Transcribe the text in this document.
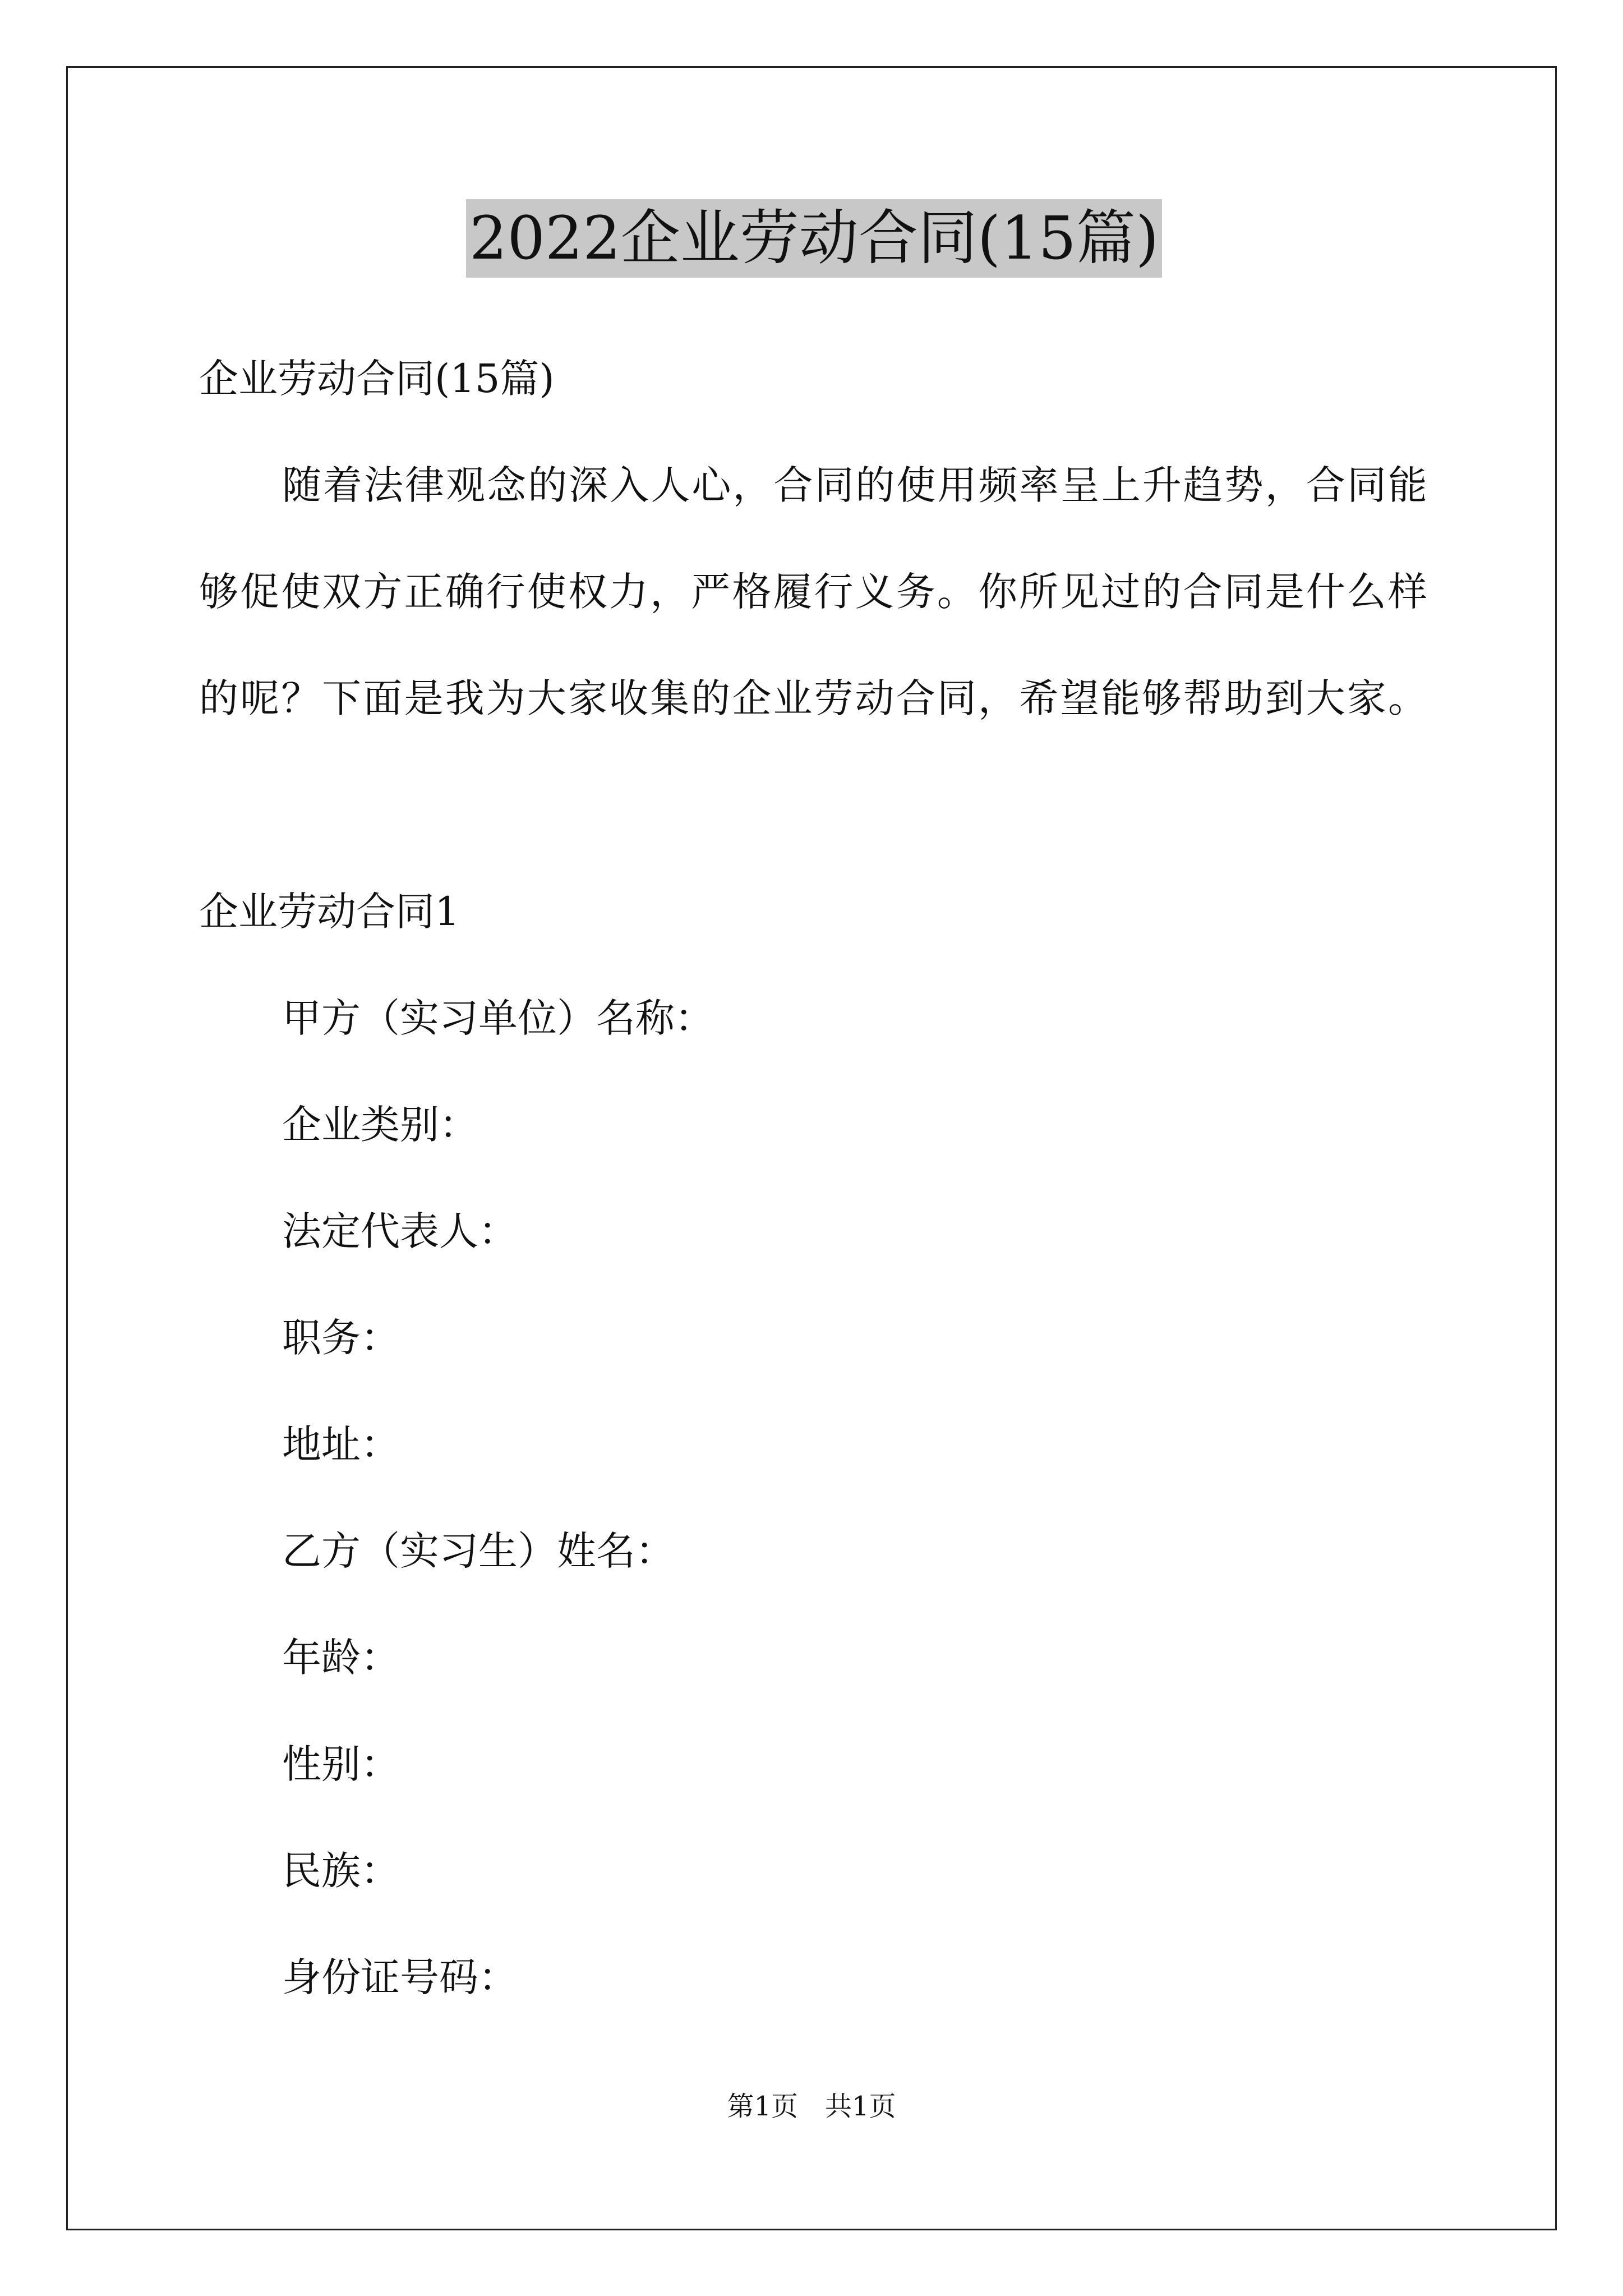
2022企业劳动合同(15篇)
企业劳动合同(15篇)
随着法律观念的深入人心，合同的使用频率呈上升趋势，合同能
够促使双方正确行使权力，严格履行义务。你所见过的合同是什么样
的呢？下面是我为大家收集的企业劳动合同，希望能够帮助到大家。
企业劳动合同1
甲方（实习单位）名称：
企业类别：
法定代表人：
职务：
地址：
乙方（实习生）姓名：
年龄：
性别：
民族：
身份证号码：
第1页　共1页
